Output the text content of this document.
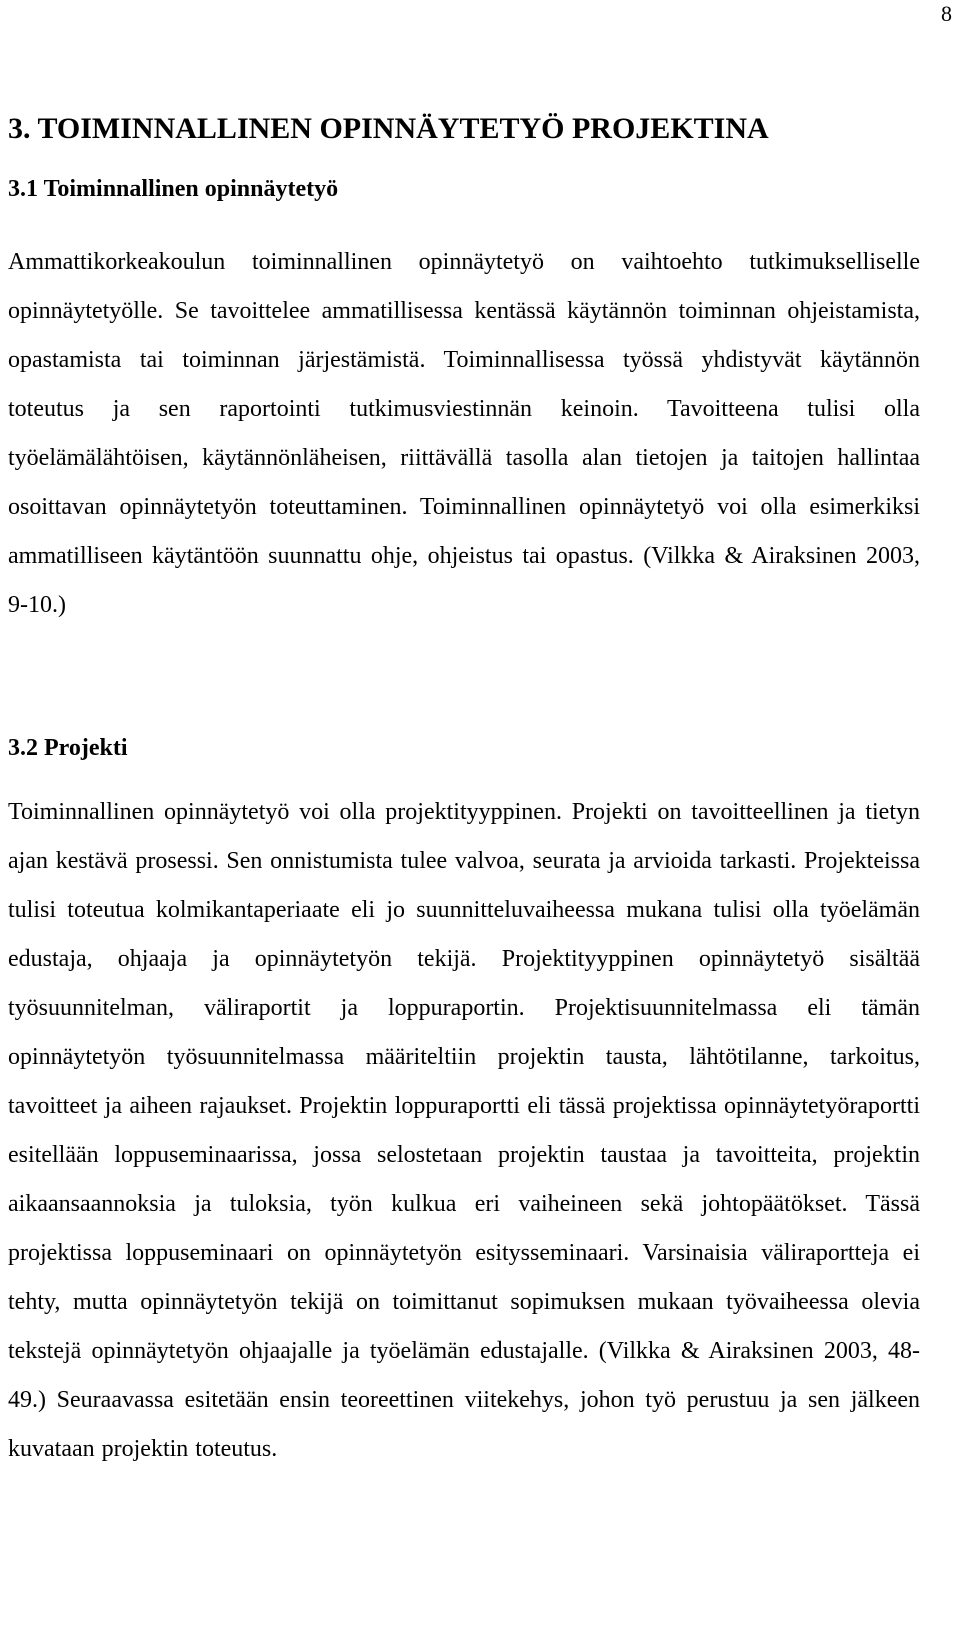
8
3. TOIMINNALLINEN OPINNÄYTETYÖ PROJEKTINA
3.1 Toiminnallinen opinnäytetyö

Ammattikorkeakoulun toiminnallinen opinnäytetyö on vaihtoehto tutkimukselliselle opinnäytetyölle. Se tavoittelee ammatillisessa kentässä käytännön toiminnan ohjeistamista, opastamista tai toiminnan järjestämistä. Toiminnallisessa työssä yhdistyvät käytännön toteutus ja sen raportointi tutkimusviestinnän keinoin. Tavoitteena tulisi olla työelämälähtöisen, käytännönläheisen, riittävällä tasolla alan tietojen ja taitojen hallintaa osoittavan opinnäytetyön toteuttaminen. Toiminnallinen opinnäytetyö voi olla esimerkiksi ammatilliseen käytäntöön suunnattu ohje, ohjeistus tai opastus. (Vilkka & Airaksinen 2003, 9-10.)

3.2 Projekti

Toiminnallinen opinnäytetyö voi olla projektityyppinen. Projekti on tavoitteellinen ja tietyn ajan kestävä prosessi. Sen onnistumista tulee valvoa, seurata ja arvioida tarkasti. Projekteissa tulisi toteutua kolmikantaperiaate eli jo suunnitteluvaiheessa mukana tulisi olla työelämän edustaja, ohjaaja ja opinnäytetyön tekijä. Projektityyppinen opinnäytetyö sisältää työsuunnitelman, väliraportit ja loppuraportin. Projektisuunnitelmassa eli tämän opinnäytetyön työsuunnitelmassa määriteltiin projektin tausta, lähtötilanne, tarkoitus, tavoitteet ja aiheen rajaukset. Projektin loppuraportti eli tässä projektissa opinnäytetyöraportti esitellään loppuseminaarissa, jossa selostetaan projektin taustaa ja tavoitteita, projektin aikaansaannoksia ja tuloksia, työn kulkua eri vaiheineen sekä johtopäätökset. Tässä projektissa loppuseminaari on opinnäytetyön esitysseminaari. Varsinaisia väliraportteja ei tehty, mutta opinnäytetyön tekijä on toimittanut sopimuksen mukaan työvaiheessa olevia tekstejä opinnäytetyön ohjaajalle ja työelämän edustajalle. (Vilkka & Airaksinen 2003, 48-49.) Seuraavassa esitetään ensin teoreettinen viitekehys, johon työ perustuu ja sen jälkeen kuvataan projektin toteutus.
